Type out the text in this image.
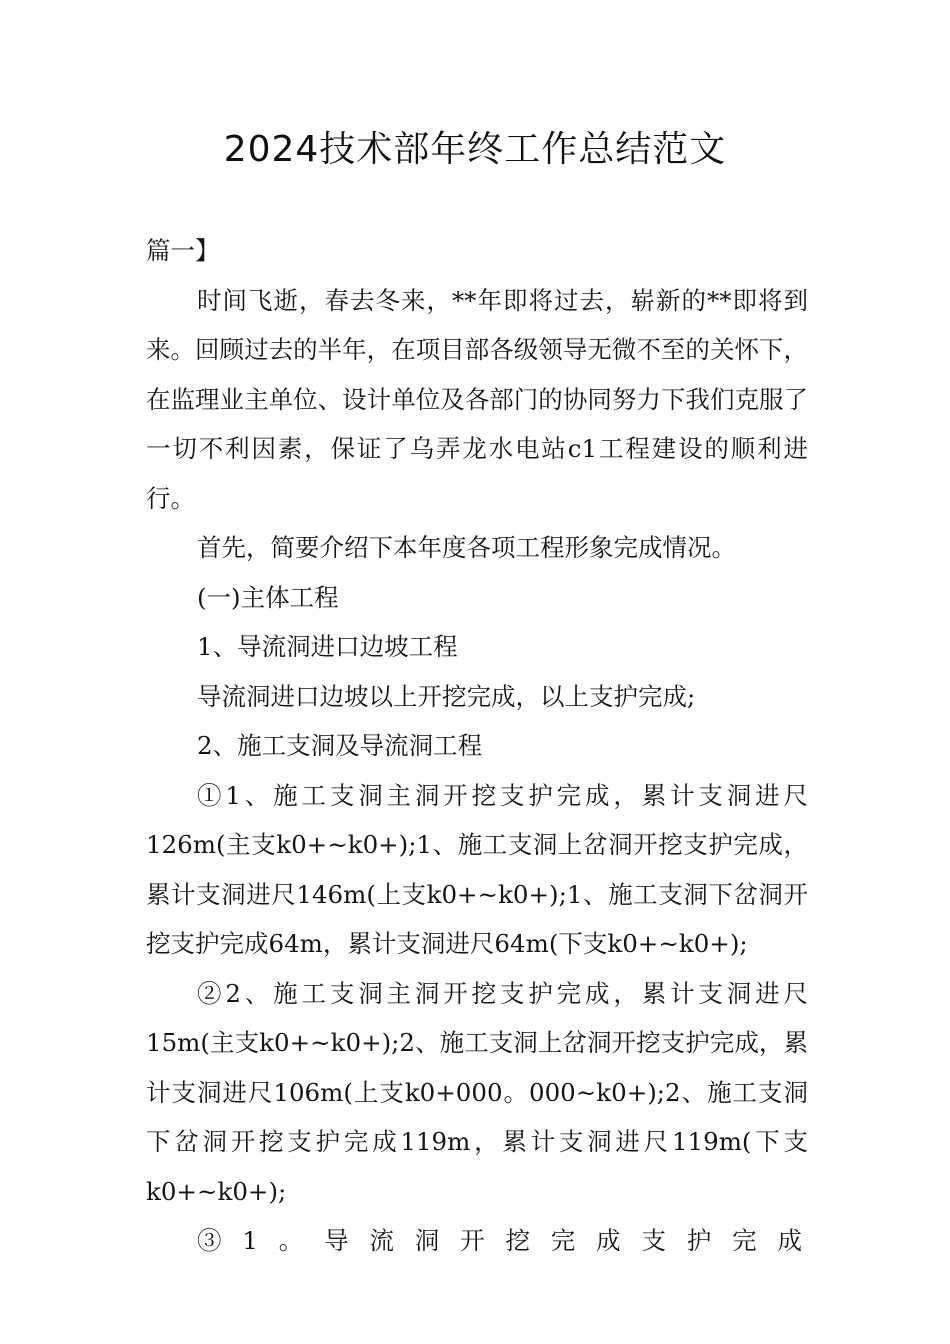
2024技术部年终工作总结范文

篇一】

时间飞逝，春去冬来，**年即将过去，崭新的**即将到来。回顾过去的半年，在项目部各级领导无微不至的关怀下，在监理业主单位、设计单位及各部门的协同努力下我们克服了一切不利因素，保证了乌弄龙水电站c1工程建设的顺利进行。

首先，简要介绍下本年度各项工程形象完成情况。

(一)主体工程

1、导流洞进口边坡工程

导流洞进口边坡以上开挖完成，以上支护完成;

2、施工支洞及导流洞工程

①1、施工支洞主洞开挖支护完成，累计支洞进尺126m(主支k0+~k0+);1、施工支洞上岔洞开挖支护完成，累计支洞进尺146m(上支k0+~k0+);1、施工支洞下岔洞开挖支护完成64m，累计支洞进尺64m(下支k0+~k0+);

②2、施工支洞主洞开挖支护完成，累计支洞进尺15m(主支k0+~k0+);2、施工支洞上岔洞开挖支护完成，累计支洞进尺106m(上支k0+000。000~k0+);2、施工支洞下岔洞开挖支护完成119m，累计支洞进尺119m(下支k0+~k0+);

③1。导流洞开挖完成支护完成
